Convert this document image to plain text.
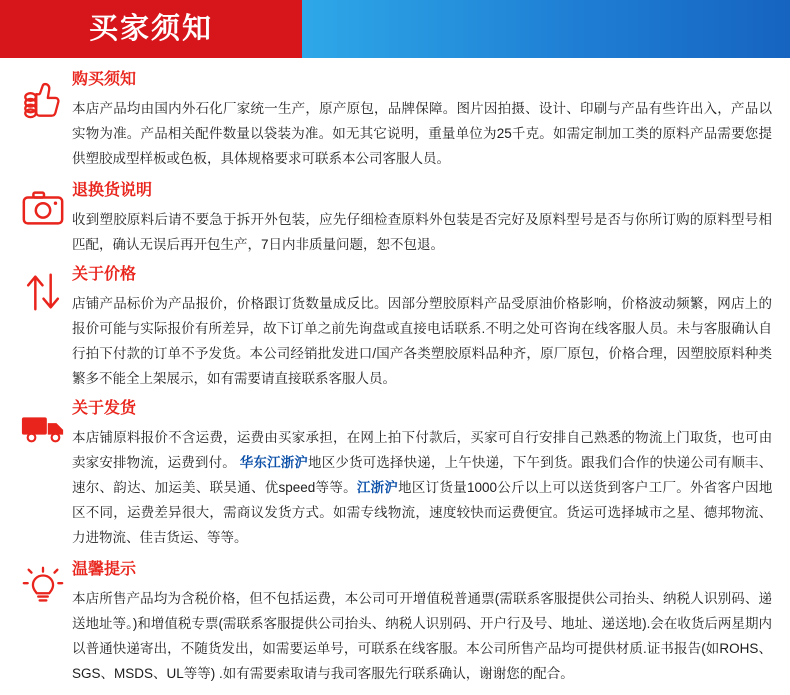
买家须知
购买须知
本店产品均由国内外石化厂家统一生产，原产原包，品牌保障。图片因拍摄、设计、印刷与产品有些许出入，产品以实物为准。产品相关配件数量以袋装为准。如无其它说明，重量单位为25千克。如需定制加工类的原料产品需要您提供塑胶成型样板或色板，具体规格要求可联系本公司客服人员。
退换货说明
收到塑胶原料后请不要急于拆开外包装，应先仔细检查原料外包装是否完好及原料型号是否与你所订购的原料型号相匹配，确认无误后再开包生产，7日内非质量问题，恕不包退。
关于价格
店铺产品标价为产品报价，价格跟订货数量成反比。因部分塑胶原料产品受原油价格影响，价格波动频繁，网店上的报价可能与实际报价有所差异，故下订单之前先询盘或直接电话联系.不明之处可咨询在线客服人员。未与客服确认自行拍下付款的订单不予发货。本公司经销批发进口/国产各类塑胶原料品种齐，原厂原包，价格合理，因塑胶原料种类繁多不能全上架展示，如有需要请直接联系客服人员。
关于发货
本店铺原料报价不含运费，运费由买家承担，在网上拍下付款后，买家可自行安排自己熟悉的物流上门取货，也可由卖家安排物流，运费到付。 华东江浙沪地区少货可选择快递，上午快递，下午到货。跟我们合作的快递公司有顺丰、速尔、韵达、加运美、联昊通、优speed等等。江浙沪地区订货量1000公斤以上可以送货到客户工厂。外省客户因地区不同，运费差异很大，需商议发货方式。如需专线物流，速度较快而运费便宜。货运可选择城市之星、德邦物流、力进物流、佳吉货运、等等。
温馨提示
本店所售产品均为含税价格，但不包括运费，本公司可开增值税普通票(需联系客服提供公司抬头、纳税人识别码、递送地址等。)和增值税专票(需联系客服提供公司抬头、纳税人识别码、开户行及号、地址、递送地).会在收货后两星期内以普通快递寄出，不随货发出，如需要运单号，可联系在线客服。本公司所售产品均可提供材质.证书报告(如ROHS、SGS、MSDS、UL等等) .如有需要索取请与我司客服先行联系确认，谢谢您的配合。
